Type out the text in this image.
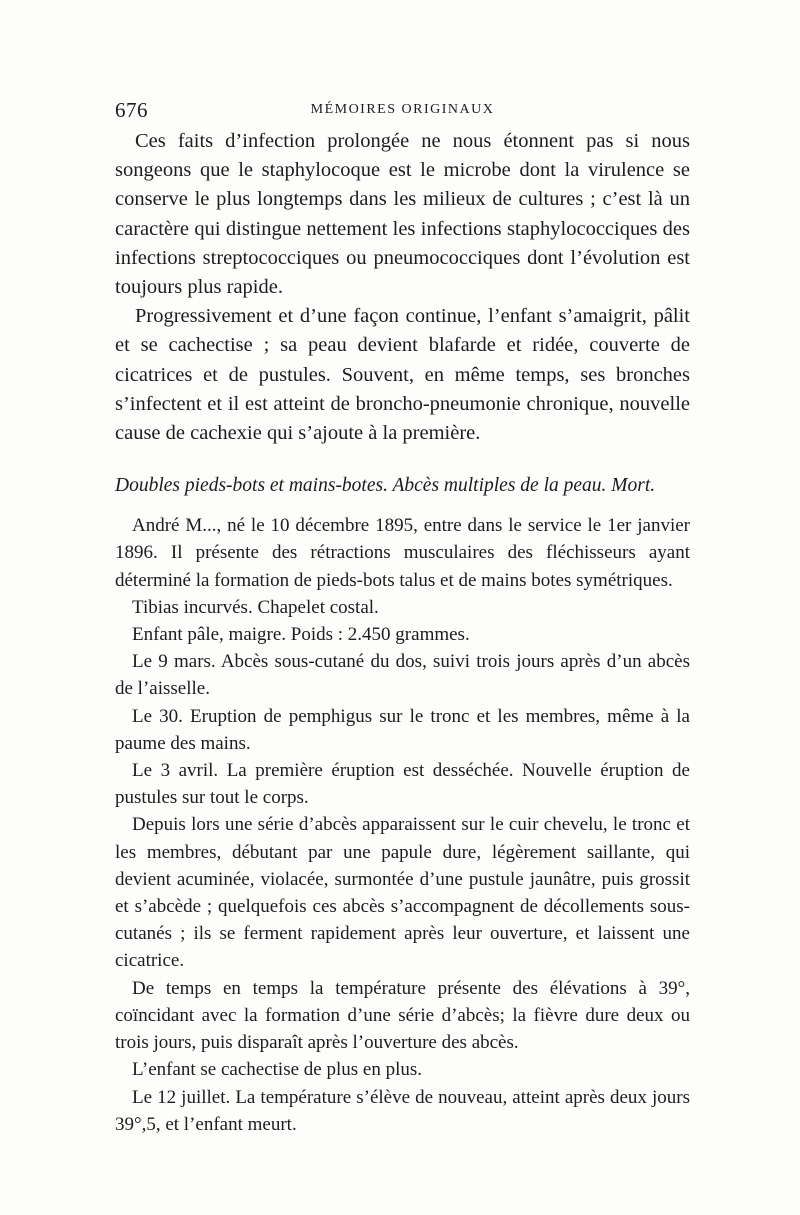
676	MÉMOIRES ORIGINAUX

Ces faits d’infection prolongée ne nous étonnent pas si nous songeons que le staphylocoque est le microbe dont la virulence se conserve le plus longtemps dans les milieux de cultures ; c’est là un caractère qui distingue nettement les infections staphylococciques des infections streptococciques ou pneumococciques dont l’évolution est toujours plus rapide.

Progressivement et d’une façon continue, l’enfant s’amaigrit, pâlit et se cachectise ; sa peau devient blafarde et ridée, couverte de cicatrices et de pustules. Souvent, en même temps, ses bronches s’infectent et il est atteint de broncho-pneumonie chronique, nouvelle cause de cachexie qui s’ajoute à la première.

Doubles pieds-bots et mains-botes. Abcès multiples de la peau. Mort.

André M..., né le 10 décembre 1895, entre dans le service le 1er janvier 1896. Il présente des rétractions musculaires des fléchisseurs ayant déterminé la formation de pieds-bots talus et de mains botes symétriques.

Tibias incurvés. Chapelet costal.

Enfant pâle, maigre. Poids : 2.450 grammes.

Le 9 mars. Abcès sous-cutané du dos, suivi trois jours après d’un abcès de l’aisselle.

Le 30. Eruption de pemphigus sur le tronc et les membres, même à la paume des mains.

Le 3 avril. La première éruption est desséchée. Nouvelle éruption de pustules sur tout le corps.

Depuis lors une série d’abcès apparaissent sur le cuir chevelu, le tronc et les membres, débutant par une papule dure, légèrement saillante, qui devient acuminée, violacée, surmontée d’une pustule jaunâtre, puis grossit et s’abcède ; quelquefois ces abcès s’accompagnent de décollements sous-cutanés ; ils se ferment rapidement après leur ouverture, et laissent une cicatrice.

De temps en temps la température présente des élévations à 39°, coïncidant avec la formation d’une série d’abcès; la fièvre dure deux ou trois jours, puis disparaît après l’ouverture des abcès.

L’enfant se cachectise de plus en plus.

Le 12 juillet. La température s’élève de nouveau, atteint après deux jours 39°,5, et l’enfant meurt.
